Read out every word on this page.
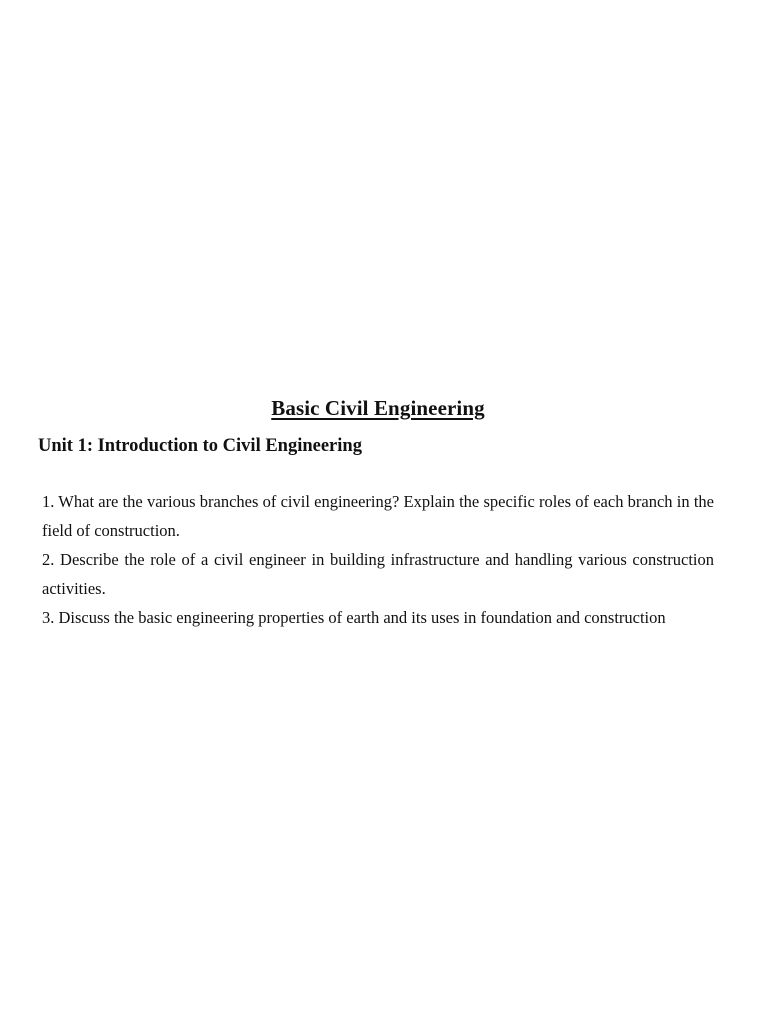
Basic Civil Engineering
Unit 1: Introduction to Civil Engineering
1. What are the various branches of civil engineering? Explain the specific roles of each branch in the field of construction.
2. Describe the role of a civil engineer in building infrastructure and handling various construction activities.
3. Discuss the basic engineering properties of earth and its uses in foundation and construction
